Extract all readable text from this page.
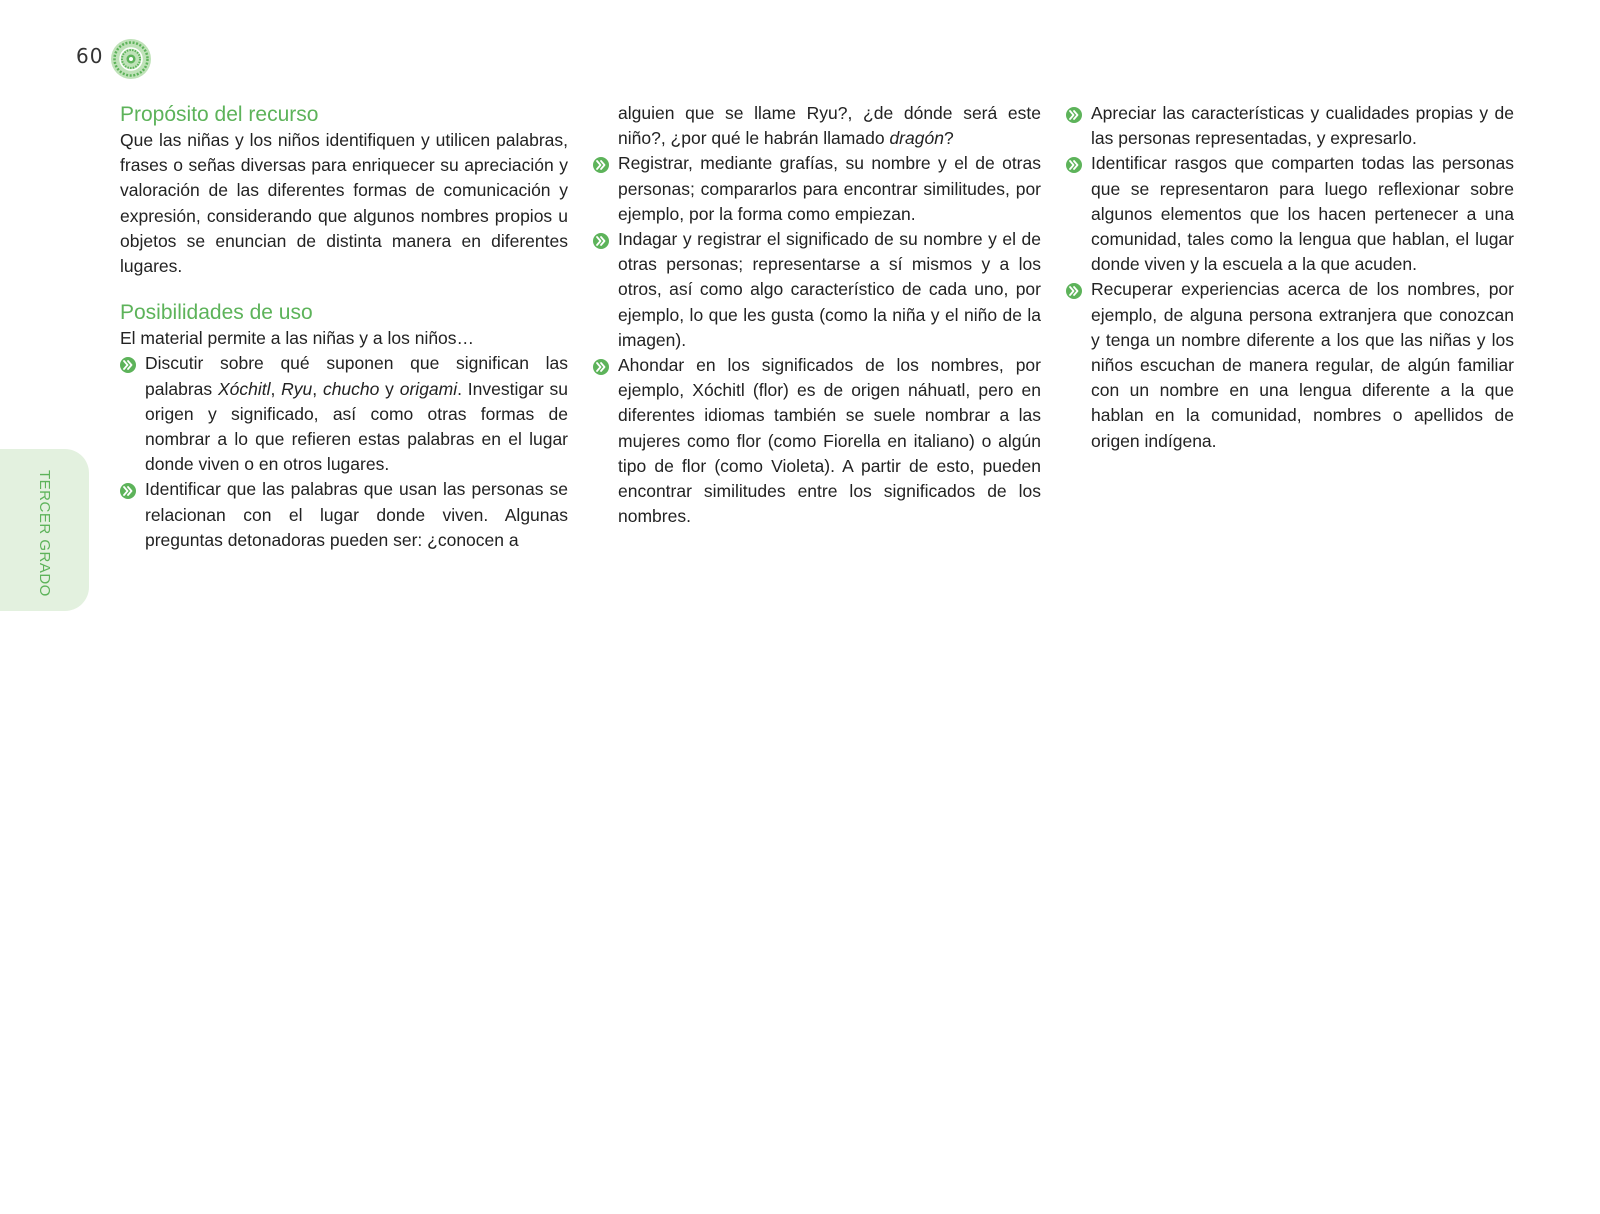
60
TERCER GRADO
Propósito del recurso

Que las niñas y los niños identifiquen y utilicen palabras, frases o señas diversas para enriquecer su apreciación y valoración de las diferentes formas de comunicación y expresión, considerando que algunos nombres propios u objetos se enuncian de distinta manera en diferentes lugares.

Posibilidades de uso

El material permite a las niñas y a los niños…

Discutir sobre qué suponen que significan las palabras Xóchitl, Ryu, chucho y origami. Investigar su origen y significado, así como otras formas de nombrar a lo que refieren estas palabras en el lugar donde viven o en otros lugares.
Identificar que las palabras que usan las personas se relacionan con el lugar donde viven. Algunas preguntas detonadoras pueden ser: ¿conocen a
alguien que se llame Ryu?, ¿de dónde será este niño?, ¿por qué le habrán llamado dragón?
Registrar, mediante grafías, su nombre y el de otras personas; compararlos para encontrar similitudes, por ejemplo, por la forma como empiezan.
Indagar y registrar el significado de su nombre y el de otras personas; representarse a sí mismos y a los otros, así como algo característico de cada uno, por ejemplo, lo que les gusta (como la niña y el niño de la imagen).
Ahondar en los significados de los nombres, por ejemplo, Xóchitl (flor) es de origen náhuatl, pero en diferentes idiomas también se suele nombrar a las mujeres como flor (como Fiorella en italiano) o algún tipo de flor (como Violeta). A partir de esto, pueden encontrar similitudes entre los significados de los nombres.
Apreciar las características y cualidades propias y de las personas representadas, y expresarlo.
Identificar rasgos que comparten todas las personas que se representaron para luego reflexionar sobre algunos elementos que los hacen pertenecer a una comunidad, tales como la lengua que hablan, el lugar donde viven y la escuela a la que acuden.
Recuperar experiencias acerca de los nombres, por ejemplo, de alguna persona extranjera que conozcan y tenga un nombre diferente a los que las niñas y los niños escuchan de manera regular, de algún familiar con un nombre en una lengua diferente a la que hablan en la comunidad, nombres o apellidos de origen indígena.
